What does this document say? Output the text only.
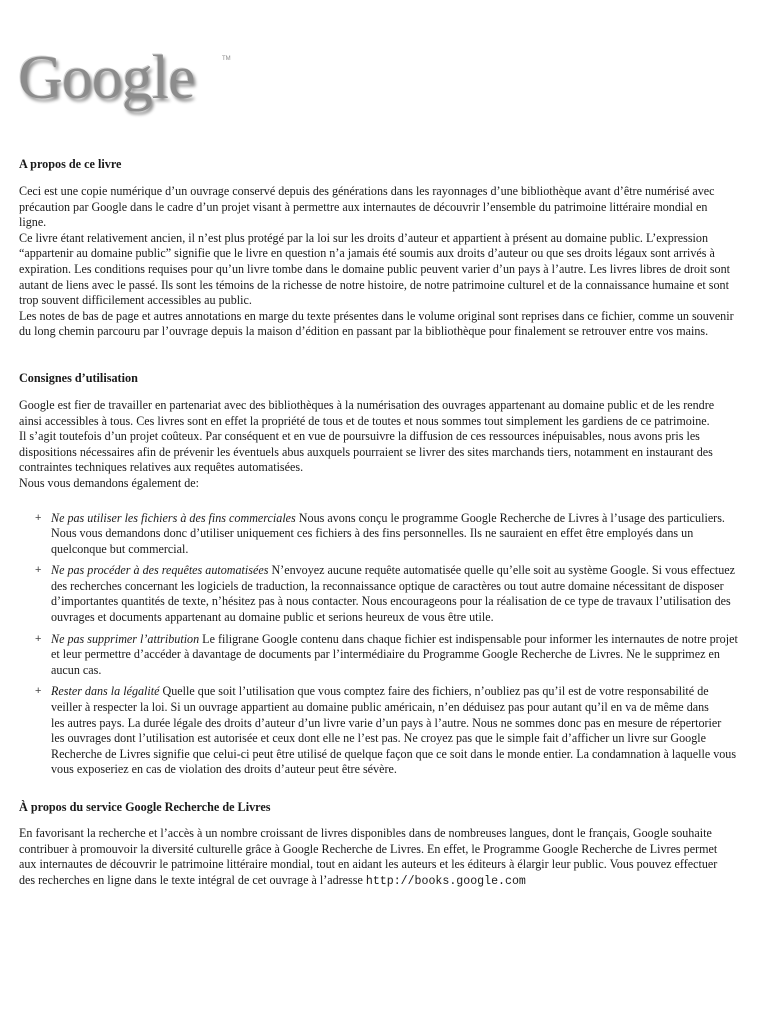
Google	TM
A propos de ce livre

Ceci est une copie numérique d’un ouvrage conservé depuis des générations dans les rayonnages d’une bibliothèque avant d’être numérisé avec
précaution par Google dans le cadre d’un projet visant à permettre aux internautes de découvrir l’ensemble du patrimoine littéraire mondial en
ligne.

Ce livre étant relativement ancien, il n’est plus protégé par la loi sur les droits d’auteur et appartient à présent au domaine public. L’expression
“appartenir au domaine public” signifie que le livre en question n’a jamais été soumis aux droits d’auteur ou que ses droits légaux sont arrivés à
expiration. Les conditions requises pour qu’un livre tombe dans le domaine public peuvent varier d’un pays à l’autre. Les livres libres de droit sont
autant de liens avec le passé. Ils sont les témoins de la richesse de notre histoire, de notre patrimoine culturel et de la connaissance humaine et sont
trop souvent difficilement accessibles au public.

Les notes de bas de page et autres annotations en marge du texte présentes dans le volume original sont reprises dans ce fichier, comme un souvenir
du long chemin parcouru par l’ouvrage depuis la maison d’édition en passant par la bibliothèque pour finalement se retrouver entre vos mains.

Consignes d’utilisation

Google est fier de travailler en partenariat avec des bibliothèques à la numérisation des ouvrages appartenant au domaine public et de les rendre
ainsi accessibles à tous. Ces livres sont en effet la propriété de tous et de toutes et nous sommes tout simplement les gardiens de ce patrimoine.
Il s’agit toutefois d’un projet coûteux. Par conséquent et en vue de poursuivre la diffusion de ces ressources inépuisables, nous avons pris les
dispositions nécessaires afin de prévenir les éventuels abus auxquels pourraient se livrer des sites marchands tiers, notamment en instaurant des
contraintes techniques relatives aux requêtes automatisées.

Nous vous demandons également de:

+ Ne pas utiliser les fichiers à des fins commerciales Nous avons conçu le programme Google Recherche de Livres à l’usage des particuliers.
Nous vous demandons donc d’utiliser uniquement ces fichiers à des fins personnelles. Ils ne sauraient en effet être employés dans un
quelconque but commercial.
+ Ne pas procéder à des requêtes automatisées N’envoyez aucune requête automatisée quelle qu’elle soit au système Google. Si vous effectuez
des recherches concernant les logiciels de traduction, la reconnaissance optique de caractères ou tout autre domaine nécessitant de disposer
d’importantes quantités de texte, n’hésitez pas à nous contacter. Nous encourageons pour la réalisation de ce type de travaux l’utilisation des
ouvrages et documents appartenant au domaine public et serions heureux de vous être utile.
+ Ne pas supprimer l’attribution Le filigrane Google contenu dans chaque fichier est indispensable pour informer les internautes de notre projet
et leur permettre d’accéder à davantage de documents par l’intermédiaire du Programme Google Recherche de Livres. Ne le supprimez en
aucun cas.
+ Rester dans la légalité Quelle que soit l’utilisation que vous comptez faire des fichiers, n’oubliez pas qu’il est de votre responsabilité de
veiller à respecter la loi. Si un ouvrage appartient au domaine public américain, n’en déduisez pas pour autant qu’il en va de même dans
les autres pays. La durée légale des droits d’auteur d’un livre varie d’un pays à l’autre. Nous ne sommes donc pas en mesure de répertorier
les ouvrages dont l’utilisation est autorisée et ceux dont elle ne l’est pas. Ne croyez pas que le simple fait d’afficher un livre sur Google
Recherche de Livres signifie que celui-ci peut être utilisé de quelque façon que ce soit dans le monde entier. La condamnation à laquelle vous
vous exposeriez en cas de violation des droits d’auteur peut être sévère.
À propos du service Google Recherche de Livres

En favorisant la recherche et l’accès à un nombre croissant de livres disponibles dans de nombreuses langues, dont le français, Google souhaite
contribuer à promouvoir la diversité culturelle grâce à Google Recherche de Livres. En effet, le Programme Google Recherche de Livres permet
aux internautes de découvrir le patrimoine littéraire mondial, tout en aidant les auteurs et les éditeurs à élargir leur public. Vous pouvez effectuer
des recherches en ligne dans le texte intégral de cet ouvrage à l’adresse http://books.google.com
